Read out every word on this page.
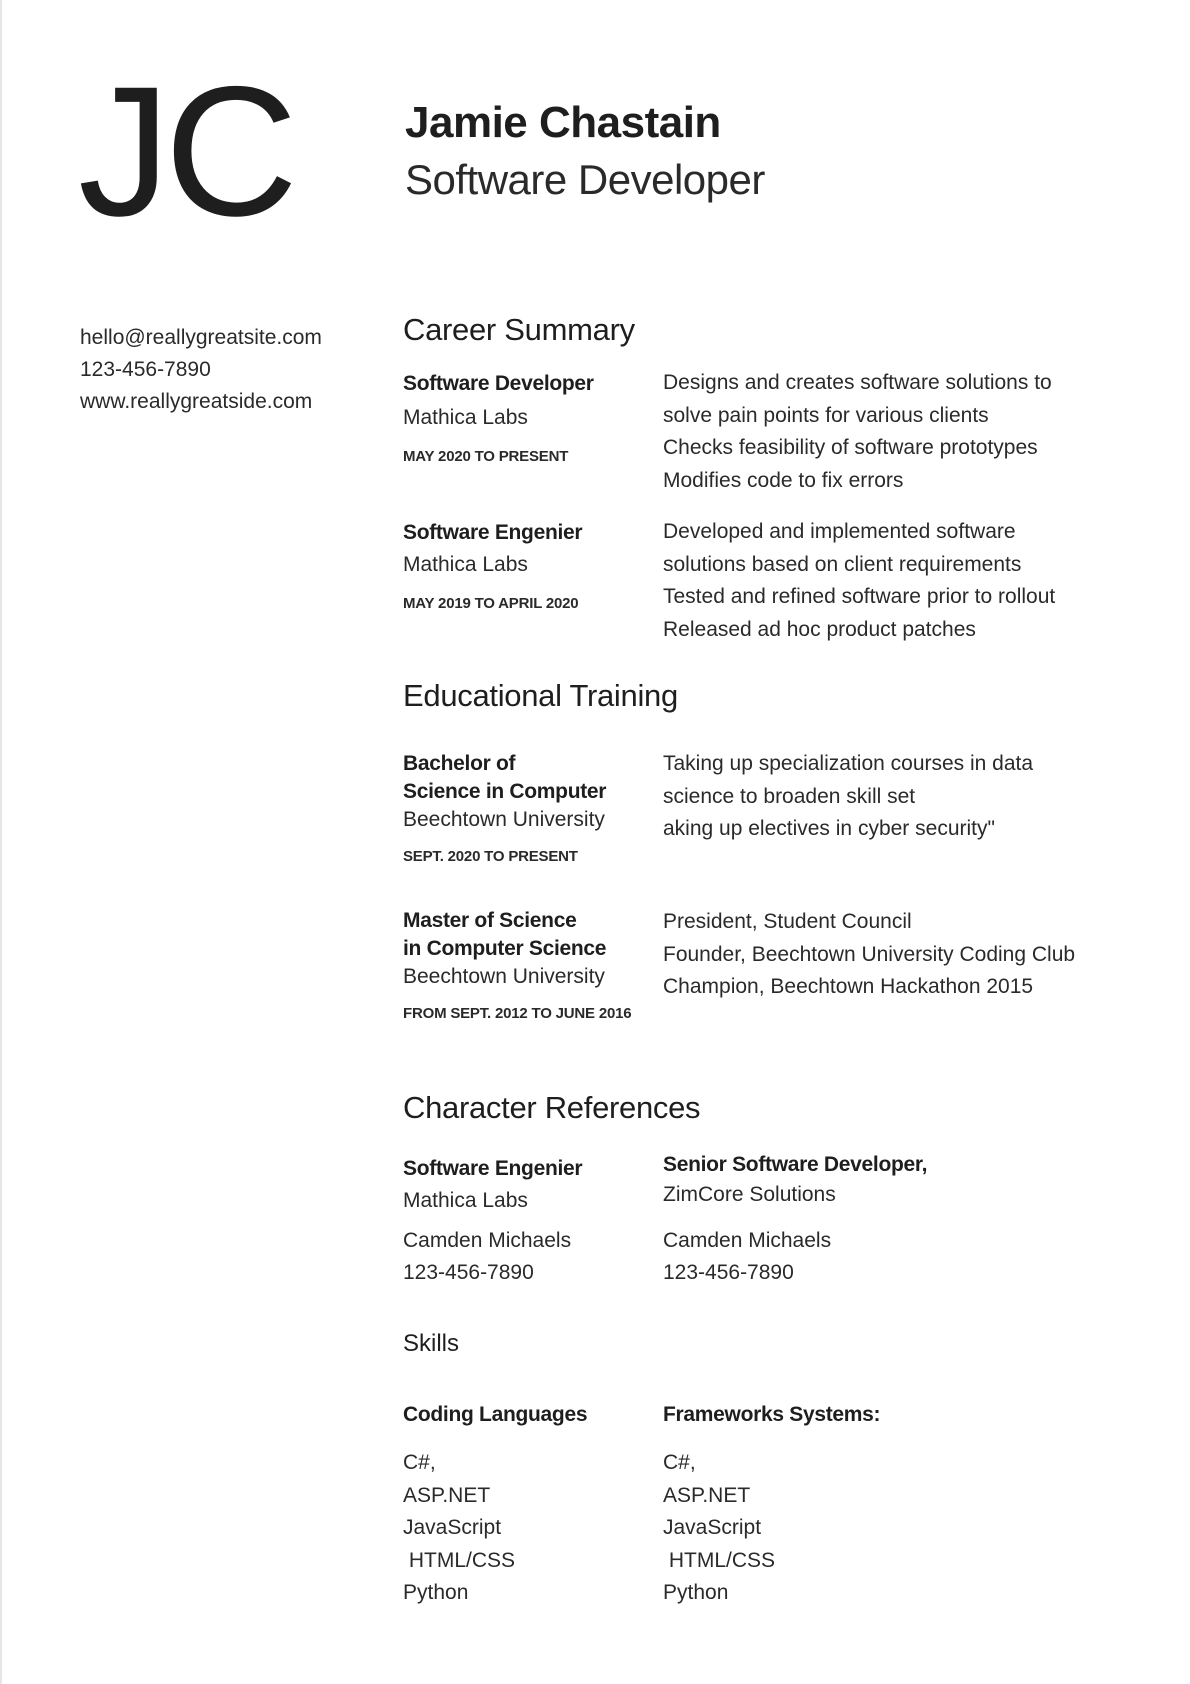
JC	Jamie Chastain
Software Developer
hello@reallygreatsite.com
123-456-7890
www.reallygreatside.com
Career Summary
Software Developer
Mathica Labs
MAY 2020 TO PRESENT
Designs and creates software solutions to
solve pain points for various clients
Checks feasibility of software prototypes
Modifies code to fix errors
Software Engenier
Mathica Labs
MAY 2019 TO APRIL 2020
Developed and implemented software
solutions based on client requirements
Tested and refined software prior to rollout
Released ad hoc product patches
Educational Training
Bachelor of
Science in Computer
Beechtown University
SEPT. 2020 TO PRESENT
Taking up specialization courses in data
science to broaden skill set
aking up electives in cyber security"
Master of Science
in Computer Science
Beechtown University
FROM SEPT. 2012 TO JUNE 2016
President, Student Council
Founder, Beechtown University Coding Club
Champion, Beechtown Hackathon 2015
Character References
Software Engenier
Mathica Labs
Camden Michaels
123-456-7890
Senior Software Developer,
ZimCore Solutions
Camden Michaels
123-456-7890
Skills
Coding Languages
C#,
ASP.NET
JavaScript
HTML/CSS
Python
Frameworks Systems:
C#,
ASP.NET
JavaScript
HTML/CSS
Python
